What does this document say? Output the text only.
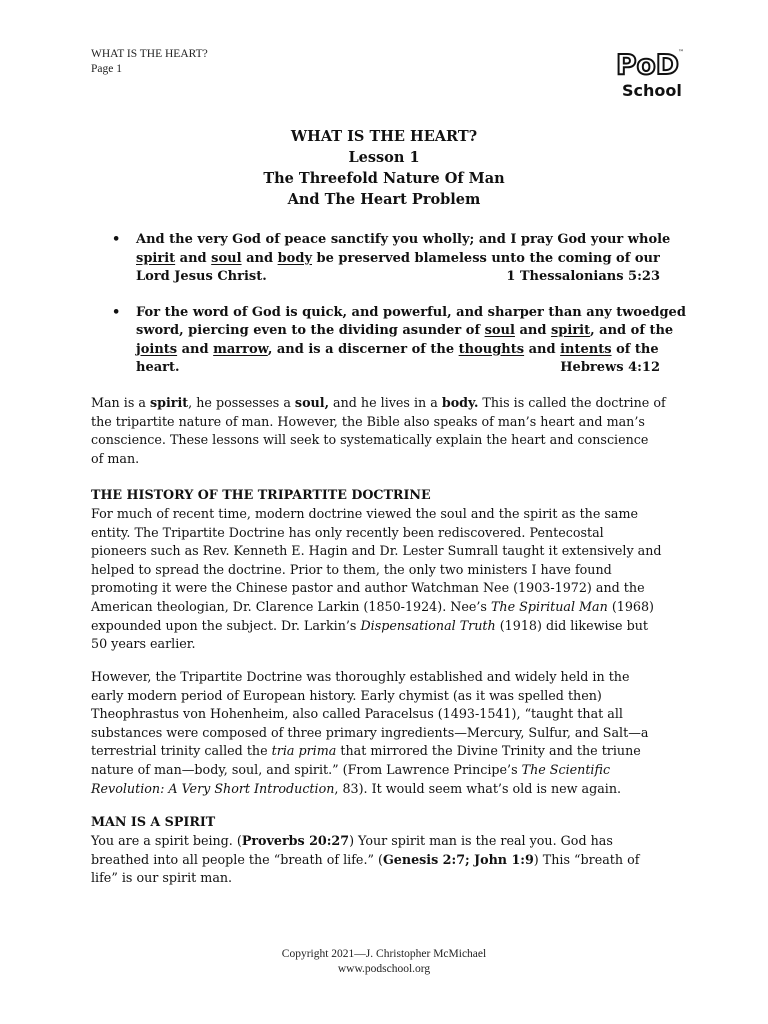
WHAT IS THE HEART?
Page 1	PoD ™
School
WHAT IS THE HEART?
Lesson 1
The Threefold Nature Of Man
And The Heart Problem
• And the very God of peace sanctify you wholly; and I pray God your whole
spirit and soul and body be preserved blameless unto the coming of our
Lord Jesus Christ.	1 Thessalonians 5:23
• For the word of God is quick, and powerful, and sharper than any twoedged
sword, piercing even to the dividing asunder of soul and spirit, and of the
joints and marrow, and is a discerner of the thoughts and intents of the
heart.	Hebrews 4:12
Man is a spirit, he possesses a soul, and he lives in a body. This is called the doctrine of
the tripartite nature of man. However, the Bible also speaks of man’s heart and man’s
conscience. These lessons will seek to systematically explain the heart and conscience
of man.
THE HISTORY OF THE TRIPARTITE DOCTRINE
For much of recent time, modern doctrine viewed the soul and the spirit as the same
entity. The Tripartite Doctrine has only recently been rediscovered. Pentecostal
pioneers such as Rev. Kenneth E. Hagin and Dr. Lester Sumrall taught it extensively and
helped to spread the doctrine. Prior to them, the only two ministers I have found
promoting it were the Chinese pastor and author Watchman Nee (1903-1972) and the
American theologian, Dr. Clarence Larkin (1850-1924). Nee’s The Spiritual Man (1968)
expounded upon the subject. Dr. Larkin’s Dispensational Truth (1918) did likewise but
50 years earlier.
However, the Tripartite Doctrine was thoroughly established and widely held in the
early modern period of European history. Early chymist (as it was spelled then)
Theophrastus von Hohenheim, also called Paracelsus (1493-1541), “taught that all
substances were composed of three primary ingredients—Mercury, Sulfur, and Salt—a
terrestrial trinity called the tria prima that mirrored the Divine Trinity and the triune
nature of man—body, soul, and spirit.” (From Lawrence Principe’s The Scientific
Revolution: A Very Short Introduction, 83). It would seem what’s old is new again.
MAN IS A SPIRIT
You are a spirit being. (Proverbs 20:27) Your spirit man is the real you. God has
breathed into all people the “breath of life.” (Genesis 2:7; John 1:9) This “breath of
life” is our spirit man.
Copyright 2021—J. Christopher McMichael
www.podschool.org
